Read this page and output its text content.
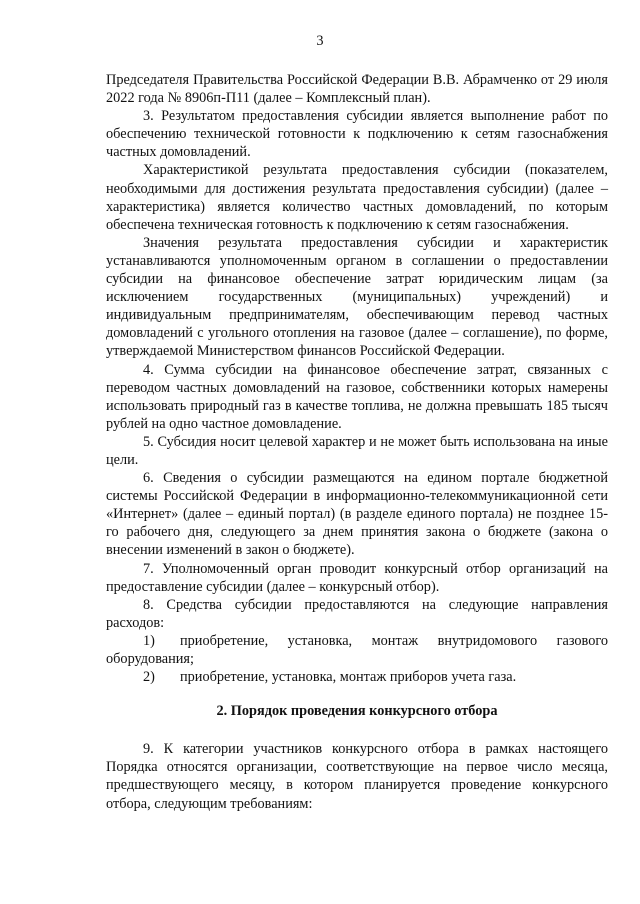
3

Председателя Правительства Российской Федерации В.В. Абрамченко от 29 июля 2022 года № 8906п-П11 (далее – Комплексный план).

3. Результатом предоставления субсидии является выполнение работ по обеспечению технической готовности к подключению к сетям газоснабжения частных домовладений.

Характеристикой результата предоставления субсидии (показателем, необходимыми для достижения результата предоставления субсидии) (далее – характеристика) является количество частных домовладений, по которым обеспечена техническая готовность к подключению к сетям газоснабжения.

Значения результата предоставления субсидии и характеристик устанавливаются уполномоченным органом в соглашении о предоставлении субсидии на финансовое обеспечение затрат юридическим лицам (за исключением государственных (муниципальных) учреждений) и индивидуальным предпринимателям, обеспечивающим перевод частных домовладений с угольного отопления на газовое (далее – соглашение), по форме, утверждаемой Министерством финансов Российской Федерации.

4. Сумма субсидии на финансовое обеспечение затрат, связанных с переводом частных домовладений на газовое, собственники которых намерены использовать природный газ в качестве топлива, не должна превышать 185 тысяч рублей на одно частное домовладение.

5. Субсидия носит целевой характер и не может быть использована на иные цели.

6. Сведения о субсидии размещаются на едином портале бюджетной системы Российской Федерации в информационно-телекоммуникационной сети «Интернет» (далее – единый портал) (в разделе единого портала) не позднее 15-го рабочего дня, следующего за днем принятия закона о бюджете (закона о внесении изменений в закон о бюджете).

7. Уполномоченный орган проводит конкурсный отбор организаций на предоставление субсидии (далее – конкурсный отбор).

8. Средства субсидии предоставляются на следующие направления расходов:

1) приобретение, установка, монтаж внутридомового газового оборудования;

2) приобретение, установка, монтаж приборов учета газа.

2. Порядок проведения конкурсного отбора

9. К категории участников конкурсного отбора в рамках настоящего Порядка относятся организации, соответствующие на первое число месяца, предшествующего месяцу, в котором планируется проведение конкурсного отбора, следующим требованиям:
